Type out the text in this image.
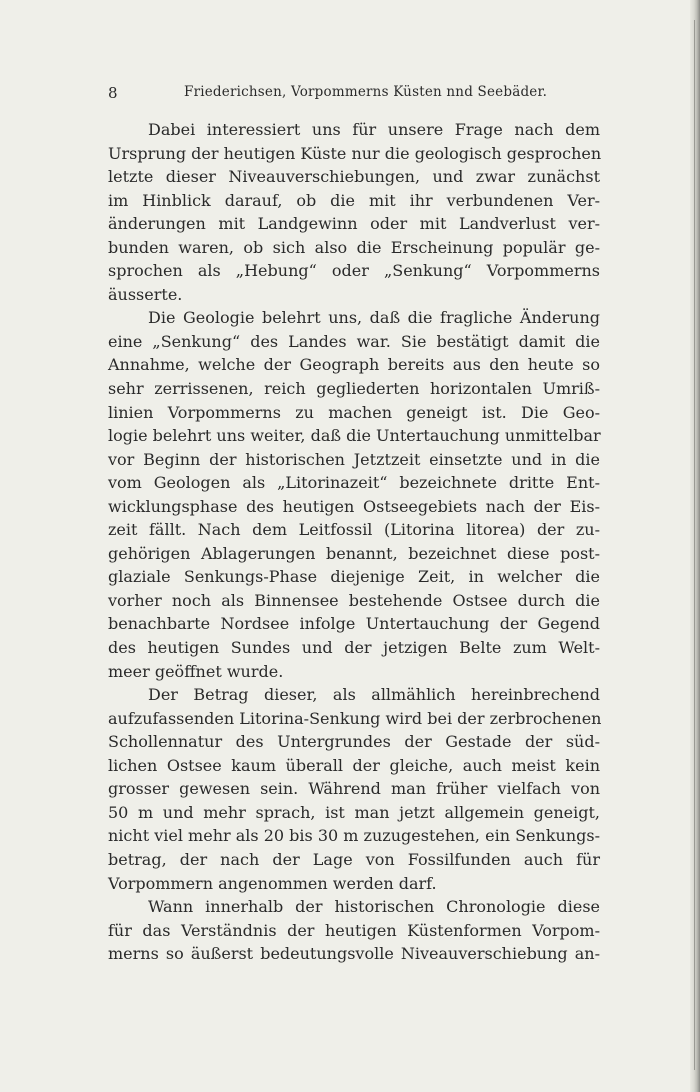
8	Friederichsen, Vorpommerns Küsten nnd Seebäder.
Dabei interessiert uns für unsere Frage nach dem
Ursprung der heutigen Küste nur die geologisch gesprochen
letzte dieser Niveauverschiebungen, und zwar zunächst
im Hinblick darauf, ob die mit ihr verbundenen Ver-
änderungen mit Landgewinn oder mit Landverlust ver-
bunden waren, ob sich also die Erscheinung populär ge-
sprochen als „Hebung“ oder „Senkung“ Vorpommerns
äusserte.
Die Geologie belehrt uns, daß die fragliche Änderung
eine „Senkung“ des Landes war. Sie bestätigt damit die
Annahme, welche der Geograph bereits aus den heute so
sehr zerrissenen, reich gegliederten horizontalen Umriß-
linien Vorpommerns zu machen geneigt ist. Die Geo-
logie belehrt uns weiter, daß die Untertauchung unmittelbar
vor Beginn der historischen Jetztzeit einsetzte und in die
vom Geologen als „Litorinazeit“ bezeichnete dritte Ent-
wicklungsphase des heutigen Ostseegebiets nach der Eis-
zeit fällt. Nach dem Leitfossil (Litorina litorea) der zu-
gehörigen Ablagerungen benannt, bezeichnet diese post-
glaziale Senkungs-Phase diejenige Zeit, in welcher die
vorher noch als Binnensee bestehende Ostsee durch die
benachbarte Nordsee infolge Untertauchung der Gegend
des heutigen Sundes und der jetzigen Belte zum Welt-
meer geöffnet wurde.
Der Betrag dieser, als allmählich hereinbrechend
aufzufassenden Litorina-Senkung wird bei der zerbrochenen
Schollennatur des Untergrundes der Gestade der süd-
lichen Ostsee kaum überall der gleiche, auch meist kein
grosser gewesen sein. Während man früher vielfach von
50 m und mehr sprach, ist man jetzt allgemein geneigt,
nicht viel mehr als 20 bis 30 m zuzugestehen, ein Senkungs-
betrag, der nach der Lage von Fossilfunden auch für
Vorpommern angenommen werden darf.
Wann innerhalb der historischen Chronologie diese
für das Verständnis der heutigen Küstenformen Vorpom-
merns so äußerst bedeutungsvolle Niveauverschiebung an-
